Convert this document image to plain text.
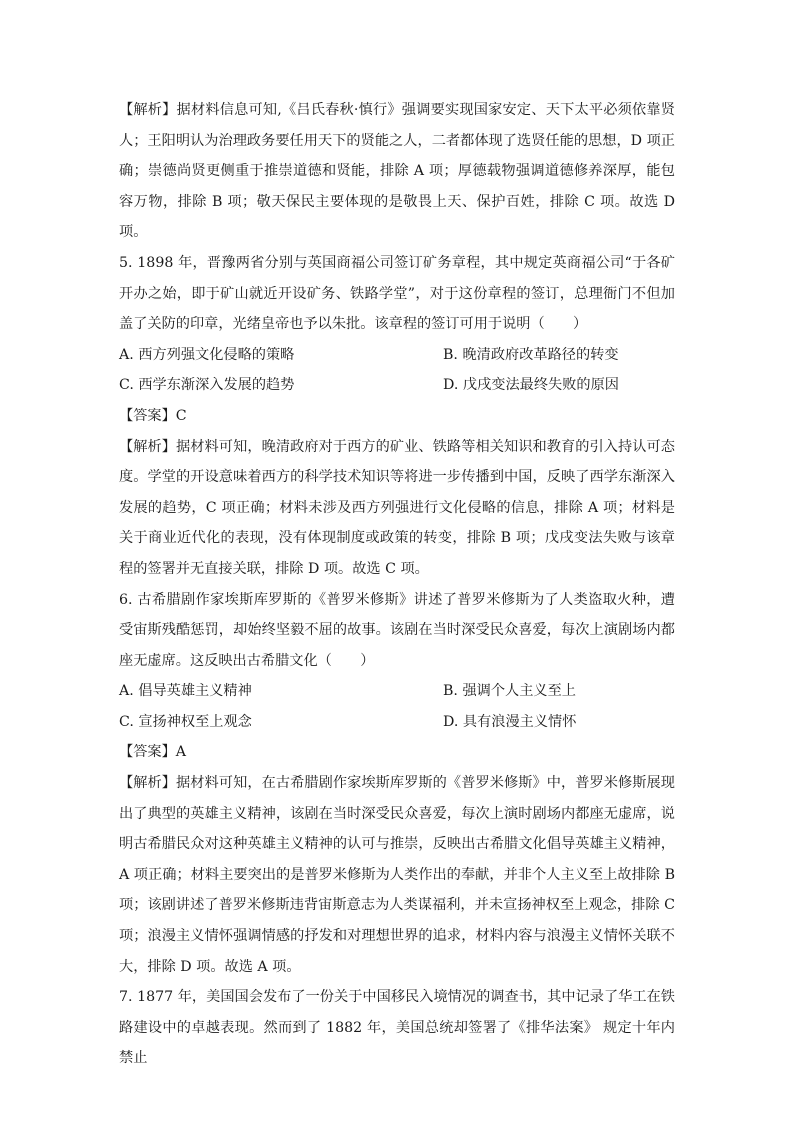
【解析】据材料信息可知,《吕氏春秋·慎行》强调要实现国家安定、天下太平必须依靠贤人；王阳明认为治理政务要任用天下的贤能之人，二者都体现了选贤任能的思想，D 项正确；崇德尚贤更侧重于推崇道德和贤能，排除 A 项；厚德载物强调道德修养深厚，能包容万物，排除 B 项；敬天保民主要体现的是敬畏上天、保护百姓，排除 C 项。故选 D 项。

5. 1898 年，晋豫两省分别与英国商福公司签订矿务章程，其中规定英商福公司“于各矿开办之始，即于矿山就近开设矿务、铁路学堂”，对于这份章程的签订，总理衙门不但加盖了关防的印章，光绪皇帝也予以朱批。该章程的签订可用于说明（　　）

A. 西方列强文化侵略的策略	B. 晚清政府改革路径的转变
C. 西学东渐深入发展的趋势	D. 戊戌变法最终失败的原因

【答案】C

【解析】据材料可知，晚清政府对于西方的矿业、铁路等相关知识和教育的引入持认可态度。学堂的开设意味着西方的科学技术知识等将进一步传播到中国，反映了西学东渐深入发展的趋势，C 项正确；材料未涉及西方列强进行文化侵略的信息，排除 A 项；材料是关于商业近代化的表现，没有体现制度或政策的转变，排除 B 项；戊戌变法失败与该章程的签署并无直接关联，排除 D 项。故选 C 项。

6. 古希腊剧作家埃斯库罗斯的《普罗米修斯》讲述了普罗米修斯为了人类盗取火种，遭受宙斯残酷惩罚，却始终坚毅不屈的故事。该剧在当时深受民众喜爱，每次上演剧场内都座无虚席。这反映出古希腊文化（　　）

A. 倡导英雄主义精神	B. 强调个人主义至上
C. 宣扬神权至上观念	D. 具有浪漫主义情怀

【答案】A

【解析】据材料可知，在古希腊剧作家埃斯库罗斯的《普罗米修斯》中，普罗米修斯展现出了典型的英雄主义精神，该剧在当时深受民众喜爱，每次上演时剧场内都座无虚席，说明古希腊民众对这种英雄主义精神的认可与推崇，反映出古希腊文化倡导英雄主义精神，A 项正确；材料主要突出的是普罗米修斯为人类作出的奉献，并非个人主义至上故排除 B 项；该剧讲述了普罗米修斯违背宙斯意志为人类谋福利，并未宣扬神权至上观念，排除 C 项；浪漫主义情怀强调情感的抒发和对理想世界的追求，材料内容与浪漫主义情怀关联不大，排除 D 项。故选 A 项。

7. 1877 年，美国国会发布了一份关于中国移民入境情况的调查书，其中记录了华工在铁路建设中的卓越表现。然而到了 1882 年，美国总统却签署了《排华法案》 规定十年内禁止
